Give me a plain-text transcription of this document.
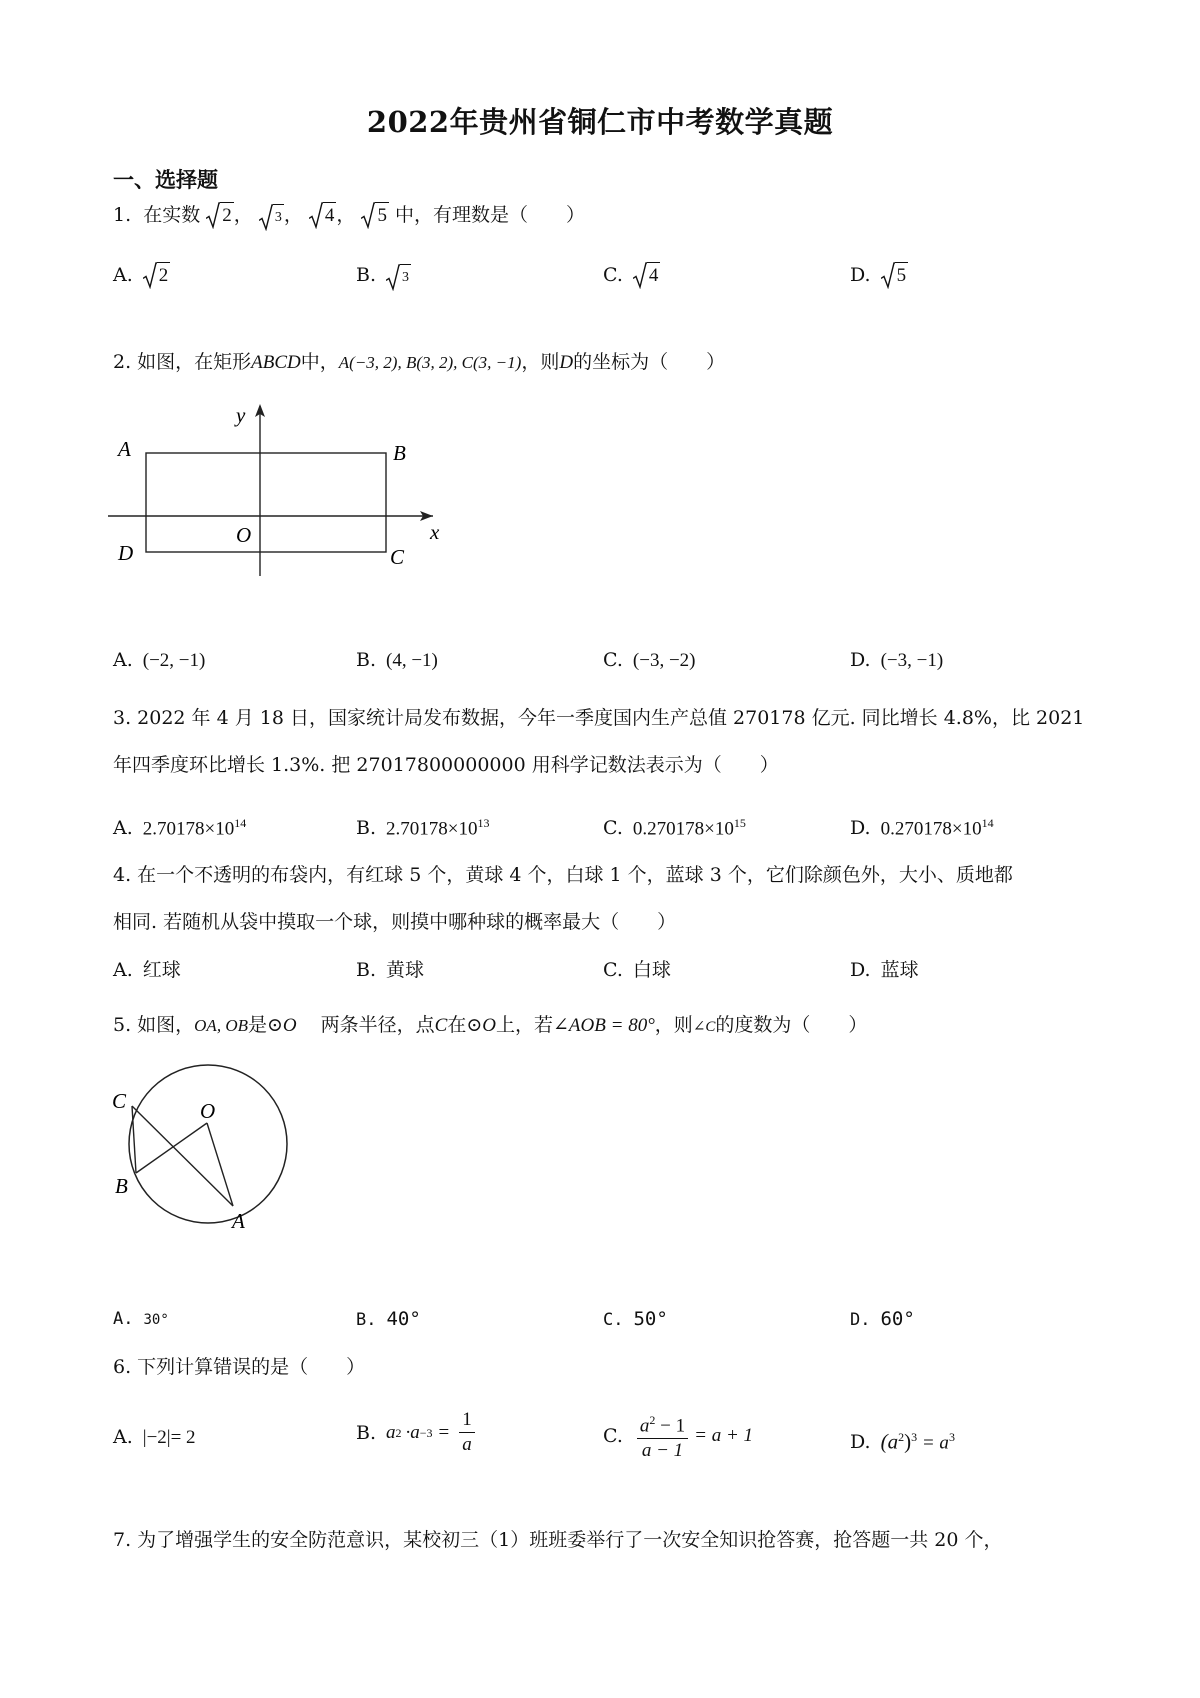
2022年贵州省铜仁市中考数学真题
一、选择题
1. 在实数 2 ， 3 ， 4 ， 5 中，有理数是（　　）
A. 2	B. 3	C. 4	D. 5
2. 如图，在矩形ABCD中，A(−3, 2), B(3, 2), C(3, −1)，则D的坐标为（　　）
A	B
C
D
O	x
y
A. (−2, −1)	B. (4, −1)	C. (−3, −2)	D. (−3, −1)
3. 2022 年 4 月 18 日，国家统计局发布数据，今年一季度国内生产总值 270178 亿元. 同比增长 4.8%，比 2021
年四季度环比增长 1.3%. 把 27017800000000 用科学记数法表示为（　　）
A. $2.70178\times 10^{14}$	B. $2.70178\times 10^{13}$	C. $0.270178\times 10^{15}$	D. $0.270178\times 10^{14}$
4. 在一个不透明的布袋内，有红球 5 个，黄球 4 个，白球 1 个，蓝球 3 个，它们除颜色外，大小、质地都
相同. 若随机从袋中摸取一个球，则摸中哪种球的概率最大（　　）
A. 红球	B. 黄球	C. 白球	D. 蓝球
5. 如图，OA, OB是⊙O 两条半径，点C在⊙O上，若∠AOB = 80°，则∠C的度数为（　　）
C	O
B
A
A. 30°	B. 40°	C. 50°	D. 60°
6. 下列计算错误的是（　　）
A. |−2|= 2	B. a $2 \cdot a -3 = \frac{1}{a}$	C. $\frac{a^2 - 1}{a - 1} = a + 1$	D. $(a^2)^3 = a^3$
7. 为了增强学生的安全防范意识，某校初三（1）班班委举行了一次安全知识抢答赛，抢答题一共 20 个，
